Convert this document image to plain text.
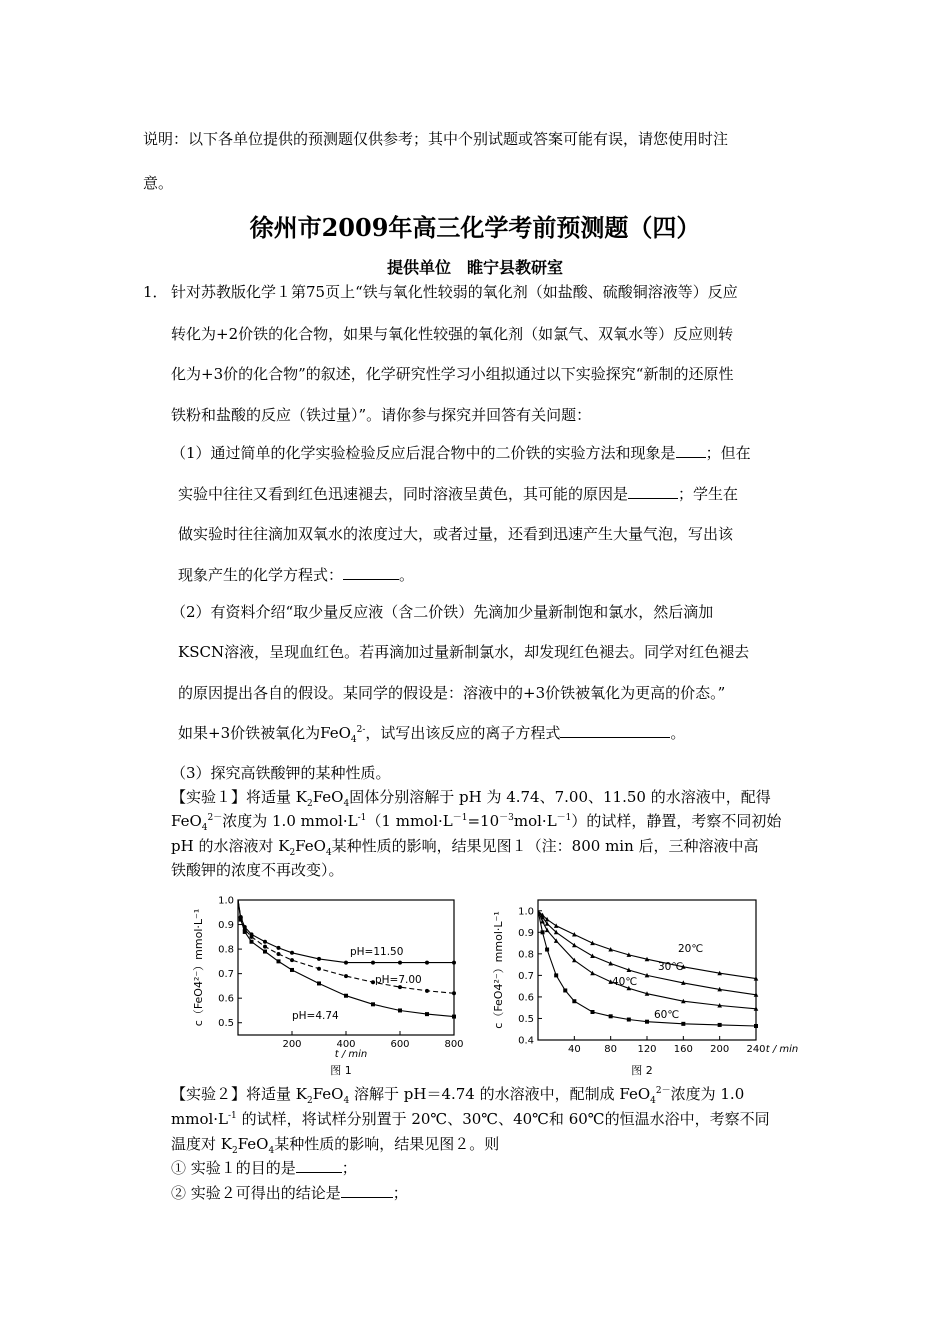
说明：以下各单位提供的预测题仅供参考；其中个别试题或答案可能有误，请您使用时注
意。
徐州市2009年高三化学考前预测题（四）
提供单位　睢宁县教研室
1． 针对苏教版化学１第75页上“铁与氧化性较弱的氧化剂（如盐酸、硫酸铜溶液等）反应
转化为+2价铁的化合物，如果与氧化性较强的氧化剂（如氯气、双氧水等）反应则转
化为+3价的化合物”的叙述，化学研究性学习小组拟通过以下实验探究“新制的还原性
铁粉和盐酸的反应（铁过量）”。请你参与探究并回答有关问题：
（1）通过简单的化学实验检验反应后混合物中的二价铁的实验方法和现象是 ；但在
实验中往往又看到红色迅速褪去，同时溶液呈黄色，其可能的原因是	；学生在
做实验时往往滴加双氧水的浓度过大，或者过量，还看到迅速产生大量气泡，写出该
现象产生的化学方程式：	。
（2）有资料介绍“取少量反应液（含二价铁）先滴加少量新制饱和氯水，然后滴加
KSCN溶液，呈现血红色。若再滴加过量新制氯水，却发现红色褪去。同学对红色褪去
的原因提出各自的假设。某同学的假设是：溶液中的+3价铁被氧化为更高的价态。”
如果+3价铁被氧化为FeO$_4^{2-}$，试写出该反应的离子方程式	。
（3）探究高铁酸钾的某种性质。
【实验１】将适量 $K_2FeO_4$固体分别溶解于 pH 为 4.74、7.00、11.50 的水溶液中，配得
FeO$_4^{2-}$浓度为 1.0 $mmol\cdot L^{-1}(1$ $mmol\cdot L^{-1}=10^{-3}mol\cdot L^{-1}$）的试样，静置，考察不同初始
pH 的水溶液对 $K_2FeO_4$某种性质的影响，结果见图１（注：800 min 后，三种溶液中高
铁酸钾的浓度不再改变）。
0.5
0.6
0.7
0.8
0.9
1.0
200	400	600	800
t / min
c（FeO4²⁻）mmol·L⁻¹
图 1
pH=11.50
pH=7.00
pH=4.74
0.4
0.5
0.6
0.7
0.8
0.9
1.0
40 80 120 160 200 240 t / min
c（FeO4²⁻）mmol·L⁻¹
图 2
20℃
30℃
40℃
60℃
【实验２】将适量 $K_2FeO_4$ 溶解于 pH＝4.74 的水溶液中，配制成 FeO$_4^{2-}$浓度为 1.0
$mmol\cdot L^{-1}$ 的试样，将试样分别置于 20℃、30℃、40℃和 60℃的恒温水浴中，考察不同
温度对 $K_2FeO_4$某种性质的影响，结果见图２。则
① 实验１的目的是	；
② 实验２可得出的结论是	；
